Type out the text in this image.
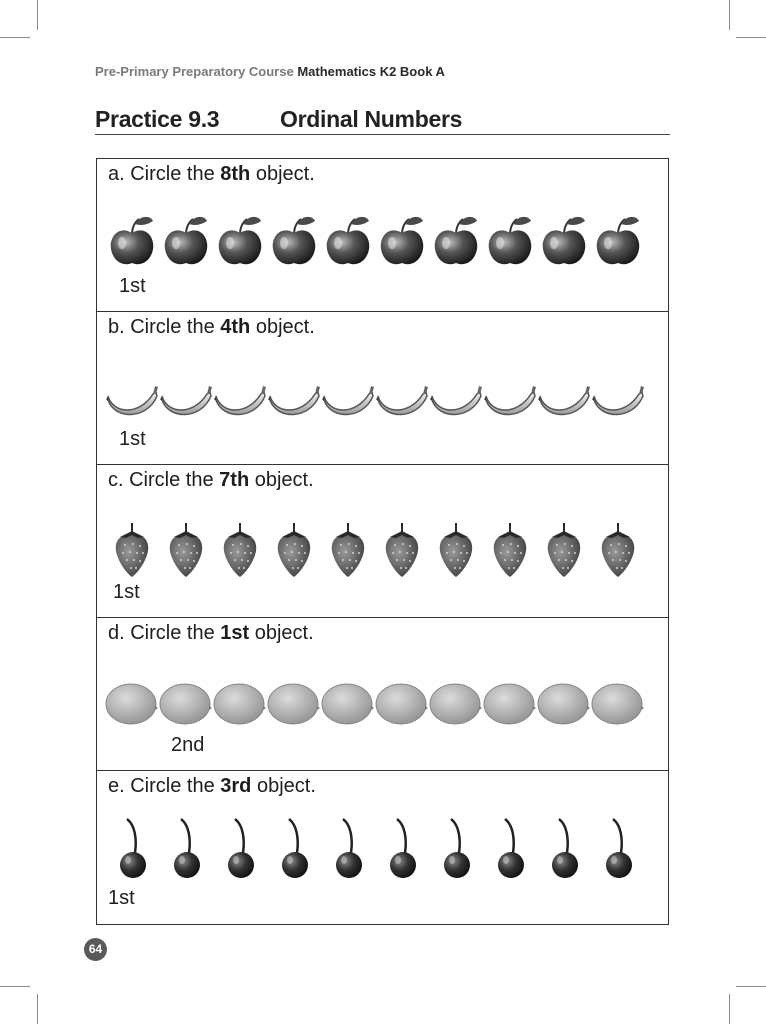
Pre-Primary Preparatory Course Mathematics K2 Book A
Practice 9.3	Ordinal Numbers
a. Circle the 8th object.
1st
b. Circle the 4th object.
1st
c. Circle the 7th object.
1st
d. Circle the 1st object.
2nd
e. Circle the 3rd object.
1st
64
